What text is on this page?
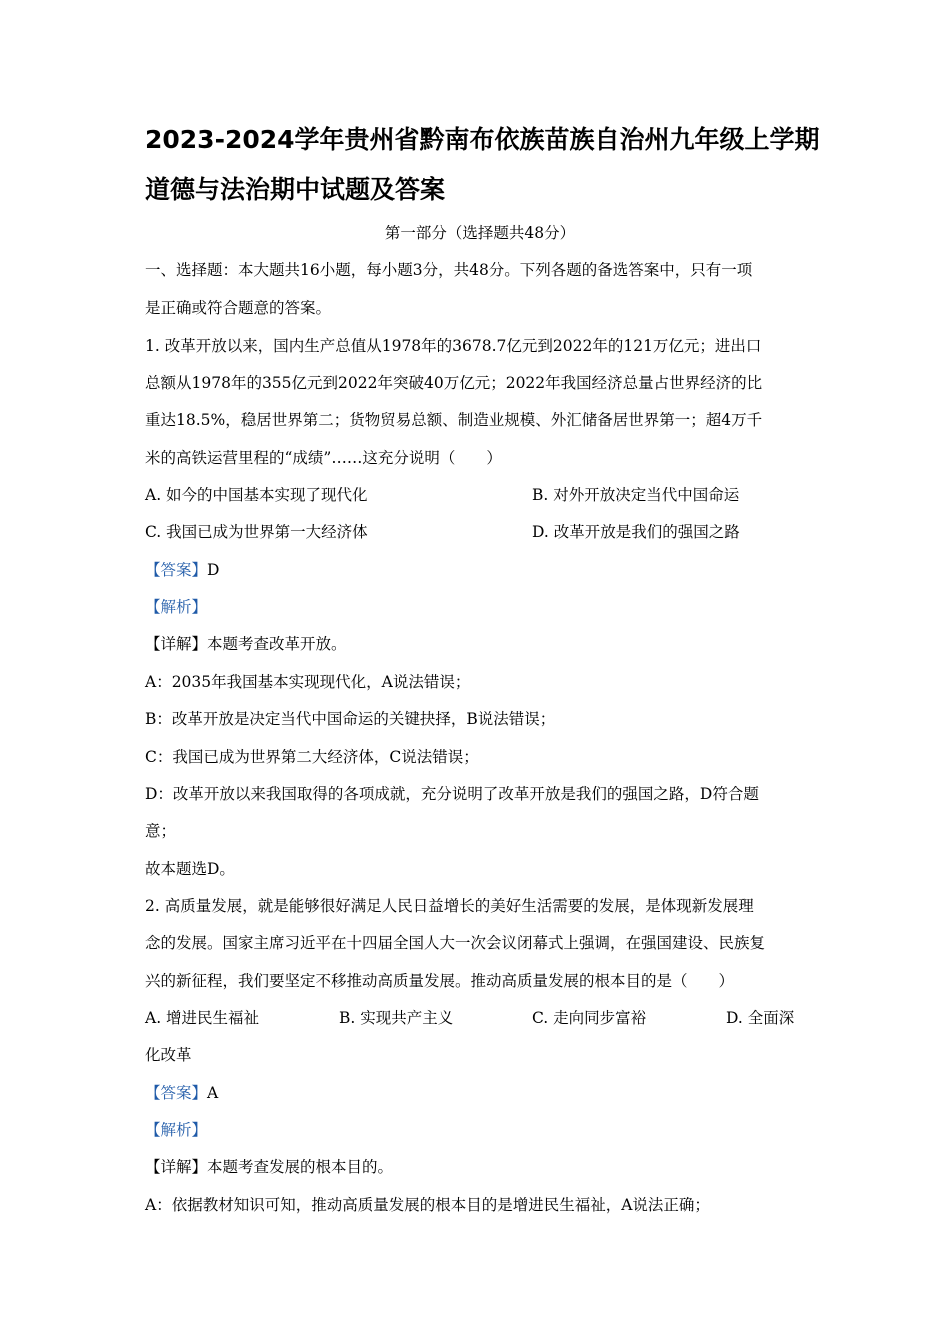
2023-2024学年贵州省黔南布依族苗族自治州九年级上学期
道德与法治期中试题及答案
第一部分（选择题共48分）
一、选择题：本大题共16小题，每小题3分，共48分。下列各题的备选答案中，只有一项
是正确或符合题意的答案。
1. 改革开放以来，国内生产总值从1978年的3678.7亿元到2022年的121万亿元；进出口
总额从1978年的355亿元到2022年突破40万亿元；2022年我国经济总量占世界经济的比
重达18.5%，稳居世界第二；货物贸易总额、制造业规模、外汇储备居世界第一；超4万千
米的高铁运营里程的“成绩”……这充分说明（　　）
A. 如今的中国基本实现了现代化	B. 对外开放决定当代中国命运
C. 我国已成为世界第一大经济体	D. 改革开放是我们的强国之路
【答案】D
【解析】
【详解】本题考查改革开放。
A：2035年我国基本实现现代化，A说法错误；
B：改革开放是决定当代中国命运的关键抉择，B说法错误；
C：我国已成为世界第二大经济体，C说法错误；
D：改革开放以来我国取得的各项成就，充分说明了改革开放是我们的强国之路，D符合题
意；
故本题选D。
2. 高质量发展，就是能够很好满足人民日益增长的美好生活需要的发展，是体现新发展理
念的发展。国家主席习近平在十四届全国人大一次会议闭幕式上强调，在强国建设、民族复
兴的新征程，我们要坚定不移推动高质量发展。推动高质量发展的根本目的是（　　）
A. 增进民生福祉	B. 实现共产主义	C. 走向同步富裕	D. 全面深
化改革
【答案】A
【解析】
【详解】本题考查发展的根本目的。
A：依据教材知识可知，推动高质量发展的根本目的是增进民生福祉，A说法正确；
